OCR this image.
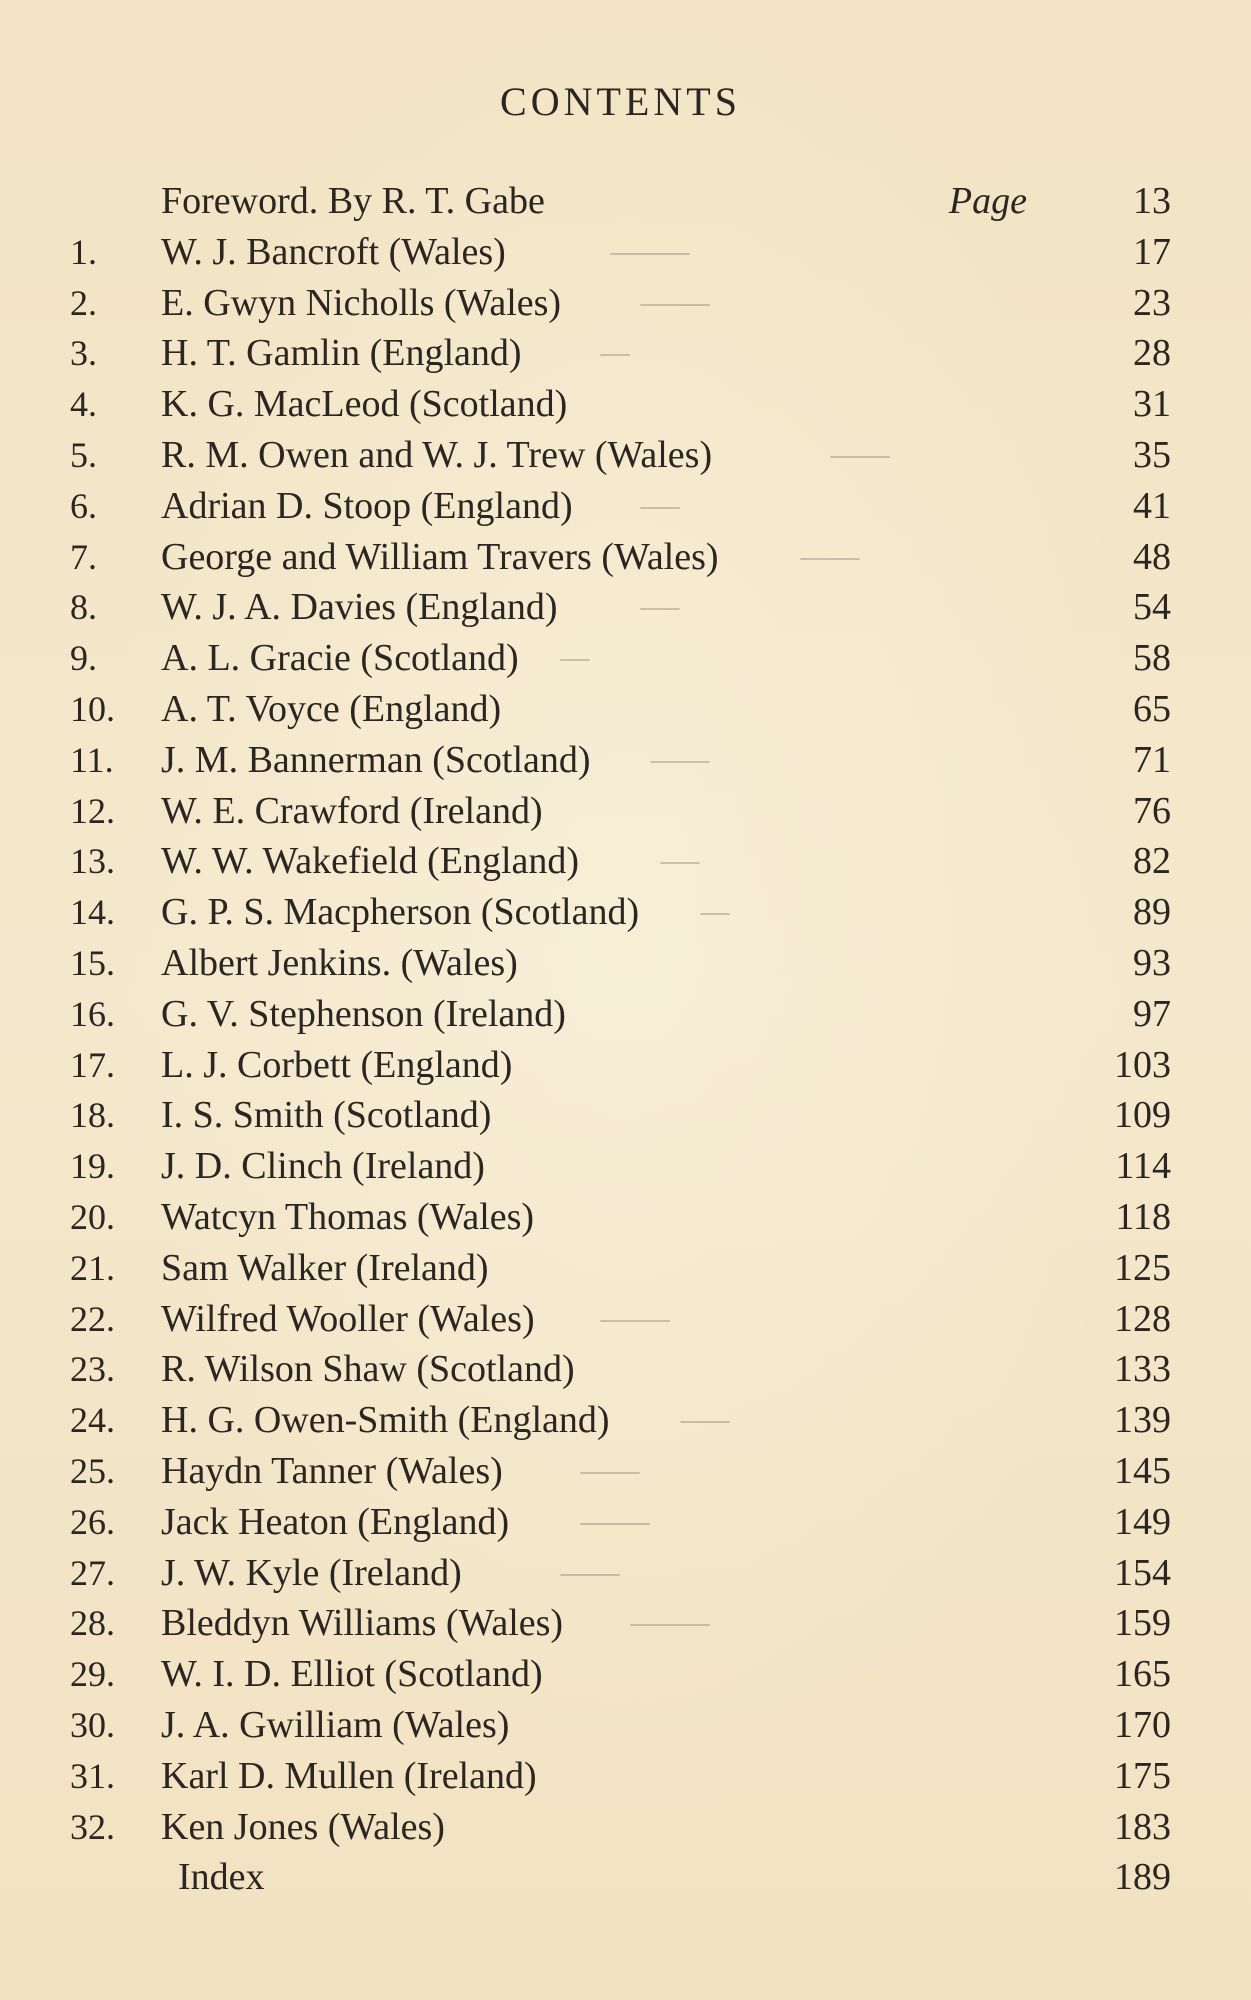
CONTENTS
Foreword. By R. T. Gabe	Page	13
1.	W. J. Bancroft (Wales)	17
2.	E. Gwyn Nicholls (Wales)	23
3.	H. T. Gamlin (England)	28
4.	K. G. MacLeod (Scotland)	31
5.	R. M. Owen and W. J. Trew (Wales)	35
6.	Adrian D. Stoop (England)	41
7.	George and William Travers (Wales)	48
8.	W. J. A. Davies (England)	54
9.	A. L. Gracie (Scotland)	58
10.	A. T. Voyce (England)	65
11.	J. M. Bannerman (Scotland)	71
12.	W. E. Crawford (Ireland)	76
13.	W. W. Wakefield (England)	82
14.	G. P. S. Macpherson (Scotland)	89
15.	Albert Jenkins. (Wales)	93
16.	G. V. Stephenson (Ireland)	97
17.	L. J. Corbett (England)	103
18.	I. S. Smith (Scotland)	109
19.	J. D. Clinch (Ireland)	114
20.	Watcyn Thomas (Wales)	118
21.	Sam Walker (Ireland)	125
22.	Wilfred Wooller (Wales)	128
23.	R. Wilson Shaw (Scotland)	133
24.	H. G. Owen-Smith (England)	139
25.	Haydn Tanner (Wales)	145
26.	Jack Heaton (England)	149
27.	J. W. Kyle (Ireland)	154
28.	Bleddyn Williams (Wales)	159
29.	W. I. D. Elliot (Scotland)	165
30.	J. A. Gwilliam (Wales)	170
31.	Karl D. Mullen (Ireland)	175
32.	Ken Jones (Wales)	183
Index	189
